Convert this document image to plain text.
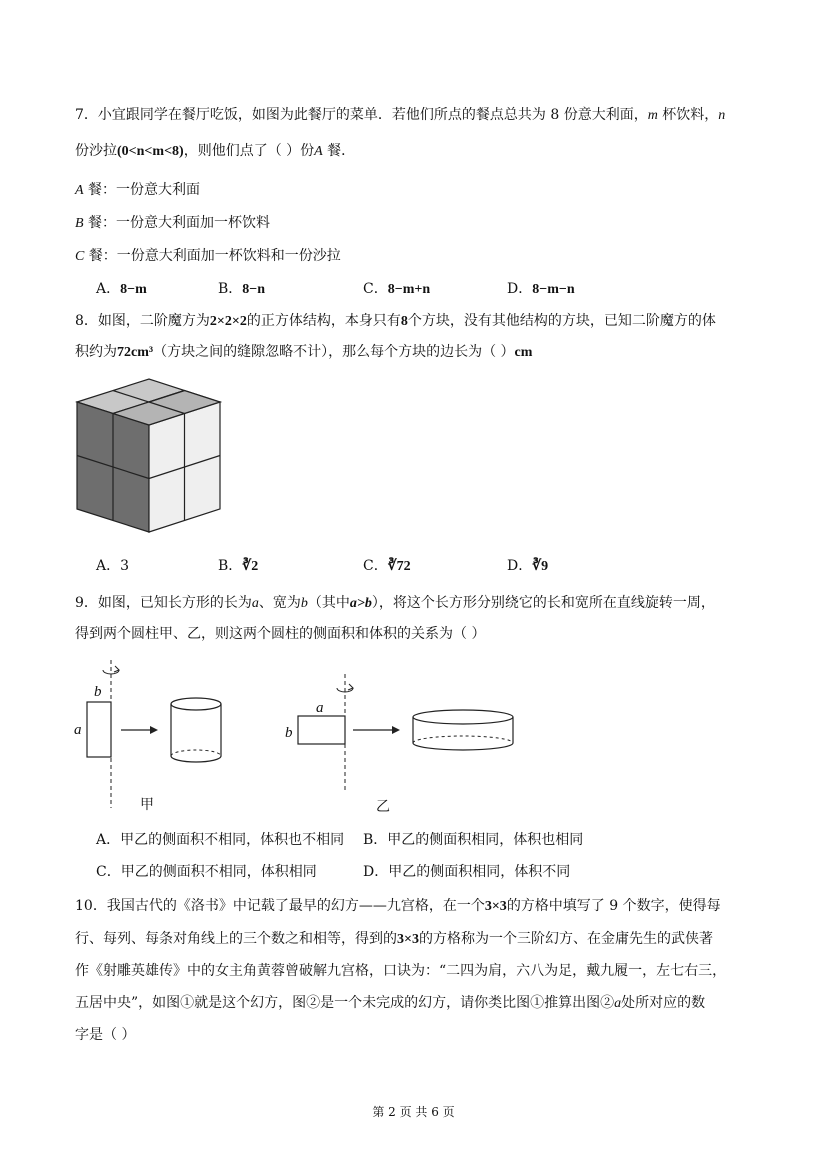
7．小宜跟同学在餐厅吃饭，如图为此餐厅的菜单．若他们所点的餐点总共为 8 份意大利面，m 杯饮料，n
份沙拉(0<n<m<8)，则他们点了（ ）份A 餐．
A 餐：一份意大利面
B 餐：一份意大利面加一杯饮料
C 餐：一份意大利面加一杯饮料和一份沙拉
A．8−m	B．8−n	C．8−m+n	D．8−m−n
8．如图，二阶魔方为2×2×2的正方体结构，本身只有8个方块，没有其他结构的方块，已知二阶魔方的体
积约为72cm³（方块之间的缝隙忽略不计），那么每个方块的边长为（ ）cm
A．3	B．∛2	C．∛72	D．∛9
9．如图，已知长方形的长为a、宽为b（其中a>b），将这个长方形分别绕它的长和宽所在直线旋转一周，
得到两个圆柱甲、乙，则这两个圆柱的侧面积和体积的关系为（ ）
b
a
a
b
甲	乙
A．甲乙的侧面积不相同，体积也不相同 B．甲乙的侧面积相同，体积也相同
C．甲乙的侧面积不相同，体积相同	D．甲乙的侧面积相同，体积不同
10．我国古代的《洛书》中记载了最早的幻方——九宫格，在一个3×3的方格中填写了 9 个数字，使得每
行、每列、每条对角线上的三个数之和相等，得到的3×3的方格称为一个三阶幻方、在金庸先生的武侠著
作《射雕英雄传》中的女主角黄蓉曾破解九宫格，口诀为：“二四为肩，六八为足，戴九履一，左七右三，
五居中央”，如图①就是这个幻方，图②是一个未完成的幻方，请你类比图①推算出图②a处所对应的数
字是（ ）
第 2 页 共 6 页
